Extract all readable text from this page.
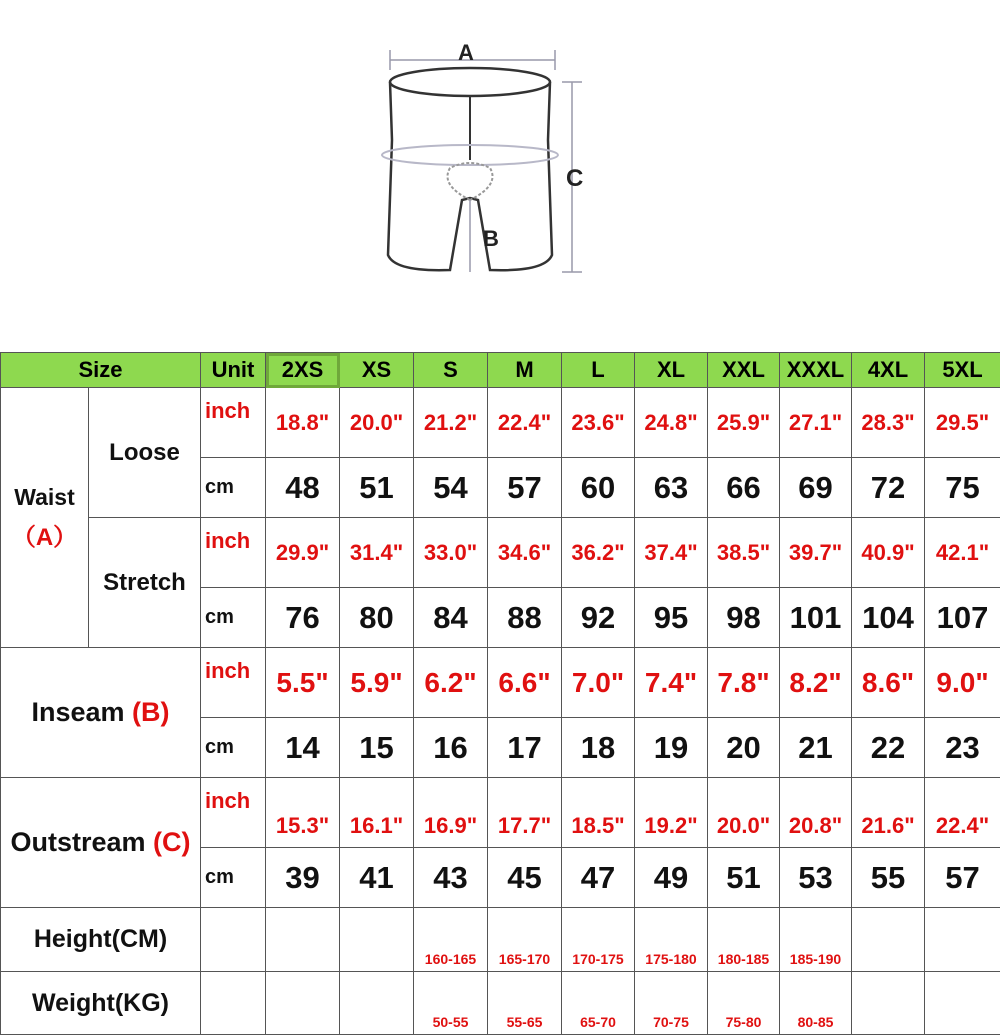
A
C
B
Size		Unit	2XS	XS	S	M	L	XL	XXL	XXXL	4XL	5XL

Waist
（A）	Loose	inch	18.8"	20.0"	21.2"	22.4"	23.6"	24.8"	25.9"	27.1"	28.3"	29.5"
		cm	48	51	54	57	60	63	66	69	72	75
	Stretch	inch	29.9"	31.4"	33.0"	34.6"	36.2"	37.4"	38.5"	39.7"	40.9"	42.1"
		cm	76	80	84	88	92	95	98	101	104	107
Inseam (B)		inch	5.5"	5.9"	6.2"	6.6"	7.0"	7.4"	7.8"	8.2"	8.6"	9.0"
		cm	14	15	16	17	18	19	20	21	22	23
Outstream (C)		inch	15.3"	16.1"	16.9"	17.7"	18.5"	19.2"	20.0"	20.8"	21.6"	22.4"
		cm	39	41	43	45	47	49	51	53	55	57
Height(CM)					160-165	165-170	170-175	175-180	180-185	185-190		
Weight(KG)					50-55	55-65	65-70	70-75	75-80	80-85		
